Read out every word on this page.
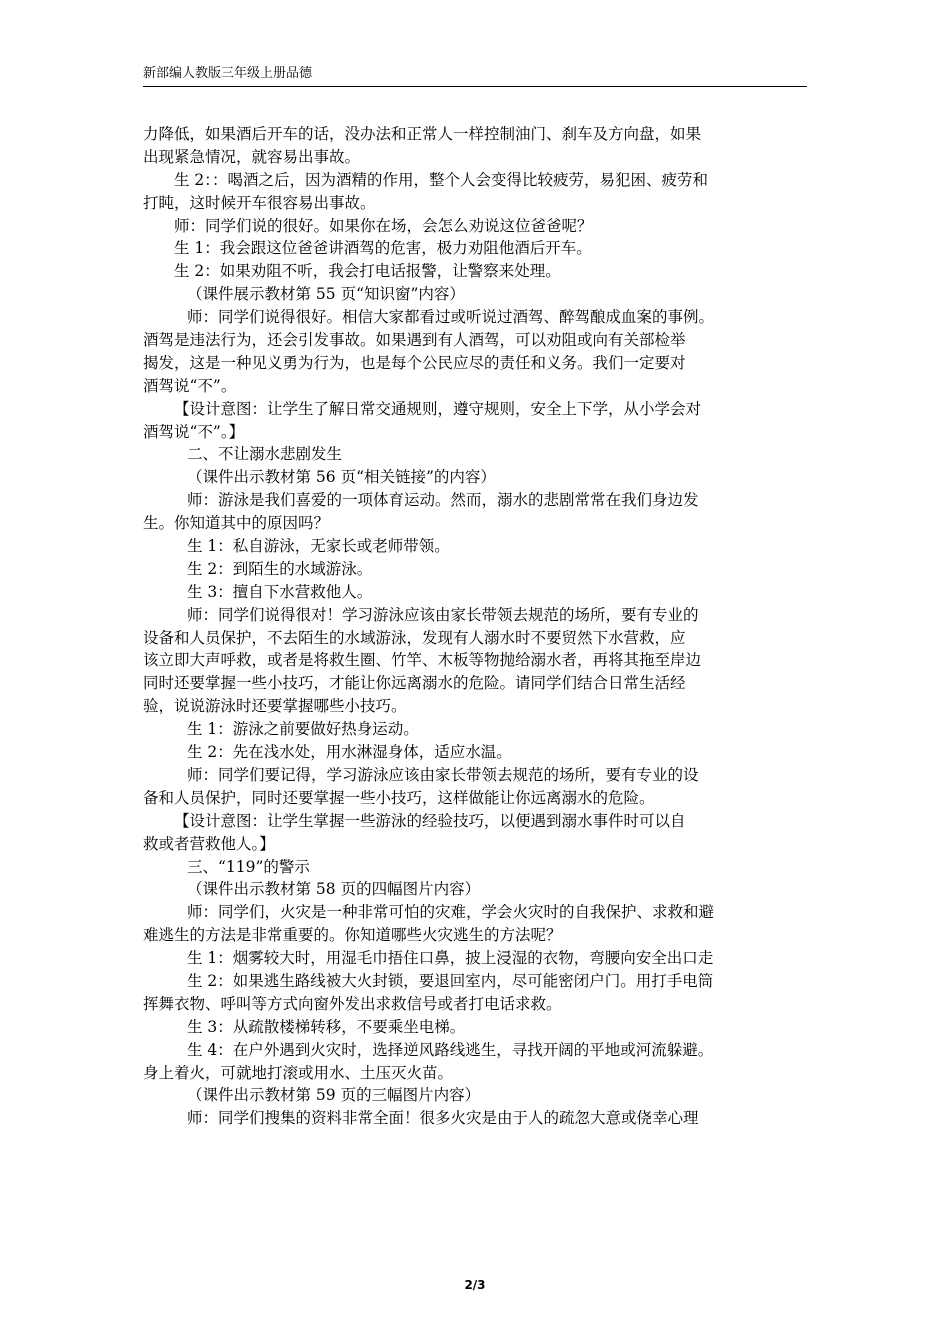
新部编人教版三年级上册品德
力降低，如果酒后开车的话，没办法和正常人一样控制油门、刹车及方向盘，如果
出现紧急情况，就容易出事故。
生 2：：喝酒之后，因为酒精的作用，整个人会变得比较疲劳，易犯困、疲劳和
打盹，这时候开车很容易出事故。
师：同学们说的很好。如果你在场，会怎么劝说这位爸爸呢？
生 1：我会跟这位爸爸讲酒驾的危害，极力劝阻他酒后开车。
生 2：如果劝阻不听，我会打电话报警，让警察来处理。
（课件展示教材第 55 页“知识窗”内容）
师：同学们说得很好。相信大家都看过或听说过酒驾、醉驾酿成血案的事例。
酒驾是违法行为，还会引发事故。如果遇到有人酒驾，可以劝阻或向有关部检举
揭发，这是一种见义勇为行为，也是每个公民应尽的责任和义务。我们一定要对
酒驾说“不”。
【设计意图：让学生了解日常交通规则，遵守规则，安全上下学，从小学会对
酒驾说“不”。】
二、不让溺水悲剧发生
（课件出示教材第 56 页“相关链接”的内容）
师：游泳是我们喜爱的一项体育运动。然而，溺水的悲剧常常在我们身边发
生。你知道其中的原因吗？
生 1：私自游泳，无家长或老师带领。
生 2：到陌生的水域游泳。
生 3：擅自下水营救他人。
师：同学们说得很对！学习游泳应该由家长带领去规范的场所，要有专业的
设备和人员保护，不去陌生的水域游泳，发现有人溺水时不要贸然下水营救，应
该立即大声呼救，或者是将救生圈、竹竿、木板等物抛给溺水者，再将其拖至岸边
同时还要掌握一些小技巧，才能让你远离溺水的危险。请同学们结合日常生活经
验，说说游泳时还要掌握哪些小技巧。
生 1：游泳之前要做好热身运动。
生 2：先在浅水处，用水淋湿身体，适应水温。
师：同学们要记得，学习游泳应该由家长带领去规范的场所，要有专业的设
备和人员保护，同时还要掌握一些小技巧，这样做能让你远离溺水的危险。
【设计意图：让学生掌握一些游泳的经验技巧，以便遇到溺水事件时可以自
救或者营救他人。】
三、“119”的警示
（课件出示教材第 58 页的四幅图片内容）
师：同学们，火灾是一种非常可怕的灾难，学会火灾时的自我保护、求救和避
难逃生的方法是非常重要的。你知道哪些火灾逃生的方法呢？
生 1：烟雾较大时，用湿毛巾捂住口鼻，披上浸湿的衣物，弯腰向安全出口走
生 2：如果逃生路线被大火封锁，要退回室内，尽可能密闭户门。用打手电筒
挥舞衣物、呼叫等方式向窗外发出求救信号或者打电话求救。
生 3：从疏散楼梯转移，不要乘坐电梯。
生 4：在户外遇到火灾时，选择逆风路线逃生，寻找开阔的平地或河流躲避。
身上着火，可就地打滚或用水、土压灭火苗。
（课件出示教材第 59 页的三幅图片内容）
师：同学们搜集的资料非常全面！很多火灾是由于人的疏忽大意或侥幸心理
2/3
